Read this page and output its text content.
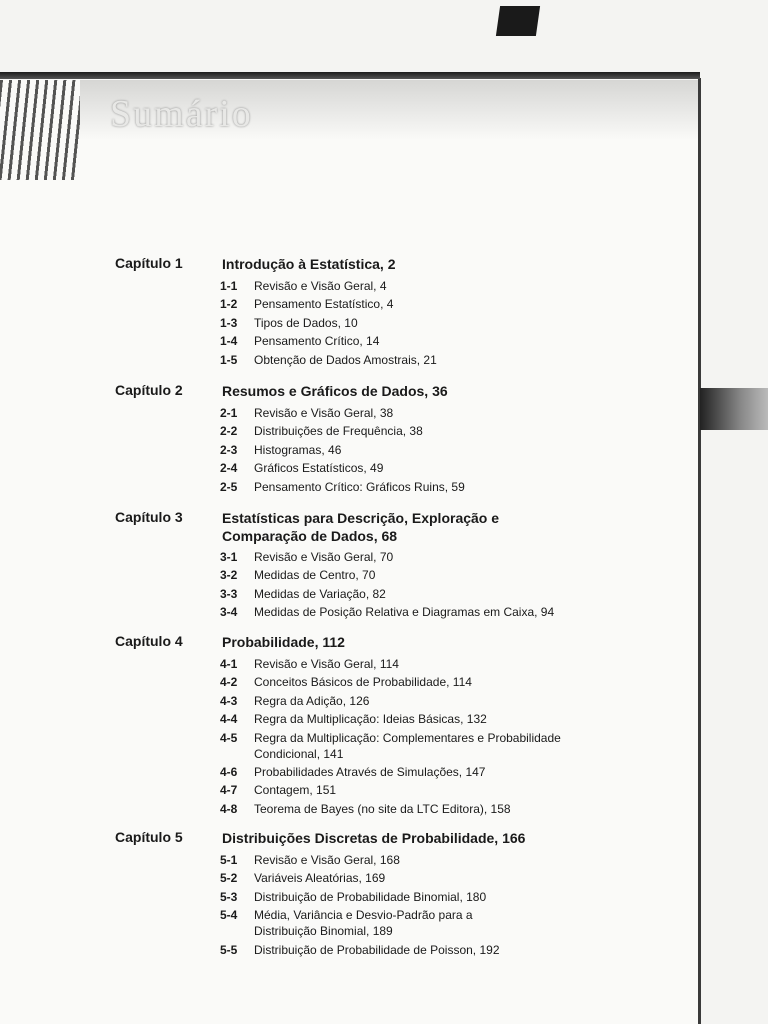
Sumário
Capítulo 1	Introdução à Estatística, 2
1-1	Revisão e Visão Geral, 4
1-2	Pensamento Estatístico, 4
1-3	Tipos de Dados, 10
1-4	Pensamento Crítico, 14
1-5	Obtenção de Dados Amostrais, 21
Capítulo 2	Resumos e Gráficos de Dados, 36
2-1	Revisão e Visão Geral, 38
2-2	Distribuições de Frequência, 38
2-3	Histogramas, 46
2-4	Gráficos Estatísticos, 49
2-5	Pensamento Crítico: Gráficos Ruins, 59
Capítulo 3	Estatísticas para Descrição, Exploração e Comparação de Dados, 68
3-1	Revisão e Visão Geral, 70
3-2	Medidas de Centro, 70
3-3	Medidas de Variação, 82
3-4	Medidas de Posição Relativa e Diagramas em Caixa, 94
Capítulo 4	Probabilidade, 112
4-1	Revisão e Visão Geral, 114
4-2	Conceitos Básicos de Probabilidade, 114
4-3	Regra da Adição, 126
4-4	Regra da Multiplicação: Ideias Básicas, 132
4-5	Regra da Multiplicação: Complementares e Probabilidade Condicional, 141
4-6	Probabilidades Através de Simulações, 147
4-7	Contagem, 151
4-8	Teorema de Bayes (no site da LTC Editora), 158
Capítulo 5	Distribuições Discretas de Probabilidade, 166
5-1	Revisão e Visão Geral, 168
5-2	Variáveis Aleatórias, 169
5-3	Distribuição de Probabilidade Binomial, 180
5-4	Média, Variância e Desvio-Padrão para a Distribuição Binomial, 189
5-5	Distribuição de Probabilidade de Poisson, 192
